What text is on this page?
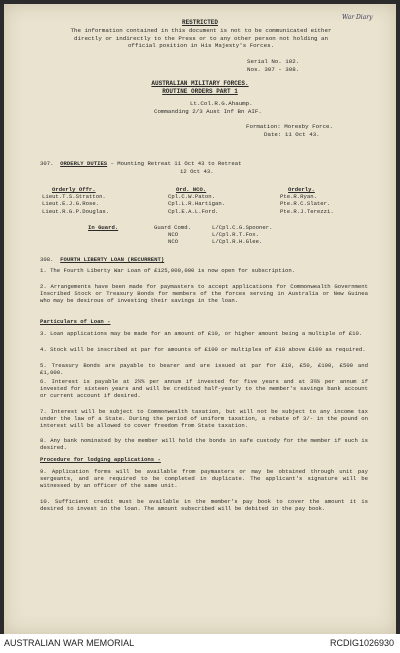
War Diary
RESTRICTED
The information contained in this document is not to be communicated either directly or indirectly to the Press or to any other person not holding an official position in His Majesty's Forces.
Serial No. 102.
Nos. 307 - 308.
AUSTRALIAN MILITARY FORCES.
ROUTINE ORDERS PART 1
Lt.Col.R.G.Ahaump.
Commanding 2/3 Aust Inf Bn AIF.
Formation: Moresby Force.
Date: 11 Oct 43.
307. ORDERLY DUTIES - Mounting Retreat 11 Oct 43 to Retreat
12 Oct 43.
Orderly Offr.
Lieut.T.S.Stratton.
Lieut.E.J.G.Rose.
Lieut.R.G.P.Douglas.
Ord. NCO.
Cpl.C.W.Paton.
Cpl.L.R.Hartigan.
Cpl.E.A.L.Ford.
Orderly.
Pte.R.Ryan.
Pte.R.C.Slater.
Pte.R.J.Terezzi.
In Guard.	Guard Comd.
NCO
NCO
L/Cpl.C.G.Spooner.
L/Cpl.R.T.Fox.
L/Cpl.R.H.Glee.
308. FOURTH LIBERTY LOAN (RECURRENT)
1. The Fourth Liberty War Loan of £125,000,000 is now open for subscription.
2. Arrangements have been made for paymasters to accept applications for Commonwealth Government Inscribed Stock or Treasury Bonds for members of the forces serving in Australia or New Guinea who may be desirous of investing their savings in the loan.
Particulars of Loan -
3. Loan applications may be made for an amount of £10, or higher amount being a multiple of £10.
4. Stock will be inscribed at par for amounts of £100 or multiples of £10 above £100 as required.
5. Treasury Bonds are payable to bearer and are issued at par for £10, £50, £100, £500 and £1,000.
6. Interest is payable at 2½% per annum if invested for five years and at 3¼% per annum if invested for sixteen years and will be credited half-yearly to the member's savings bank account or current account if desired.
7. Interest will be subject to Commonwealth taxation, but will not be subject to any income tax under the law of a State. During the period of uniform taxation, a rebate of 3/- in the pound on interest will be allowed to cover freedom from State taxation.
8. Any bank nominated by the member will hold the bonds in safe custody for the member if such is desired.
Procedure for lodging applications -
9. Application forms will be available from paymasters or may be obtained through unit pay sergeants, and are required to be completed in duplicate. The applicant's signature will be witnessed by an officer of the same unit.
10. Sufficient credit must be available in the member's pay book to cover the amount it is desired to invest in the loan. The amount subscribed will be debited in the pay book.
AUSTRALIAN WAR MEMORIAL	RCDIG1026930
